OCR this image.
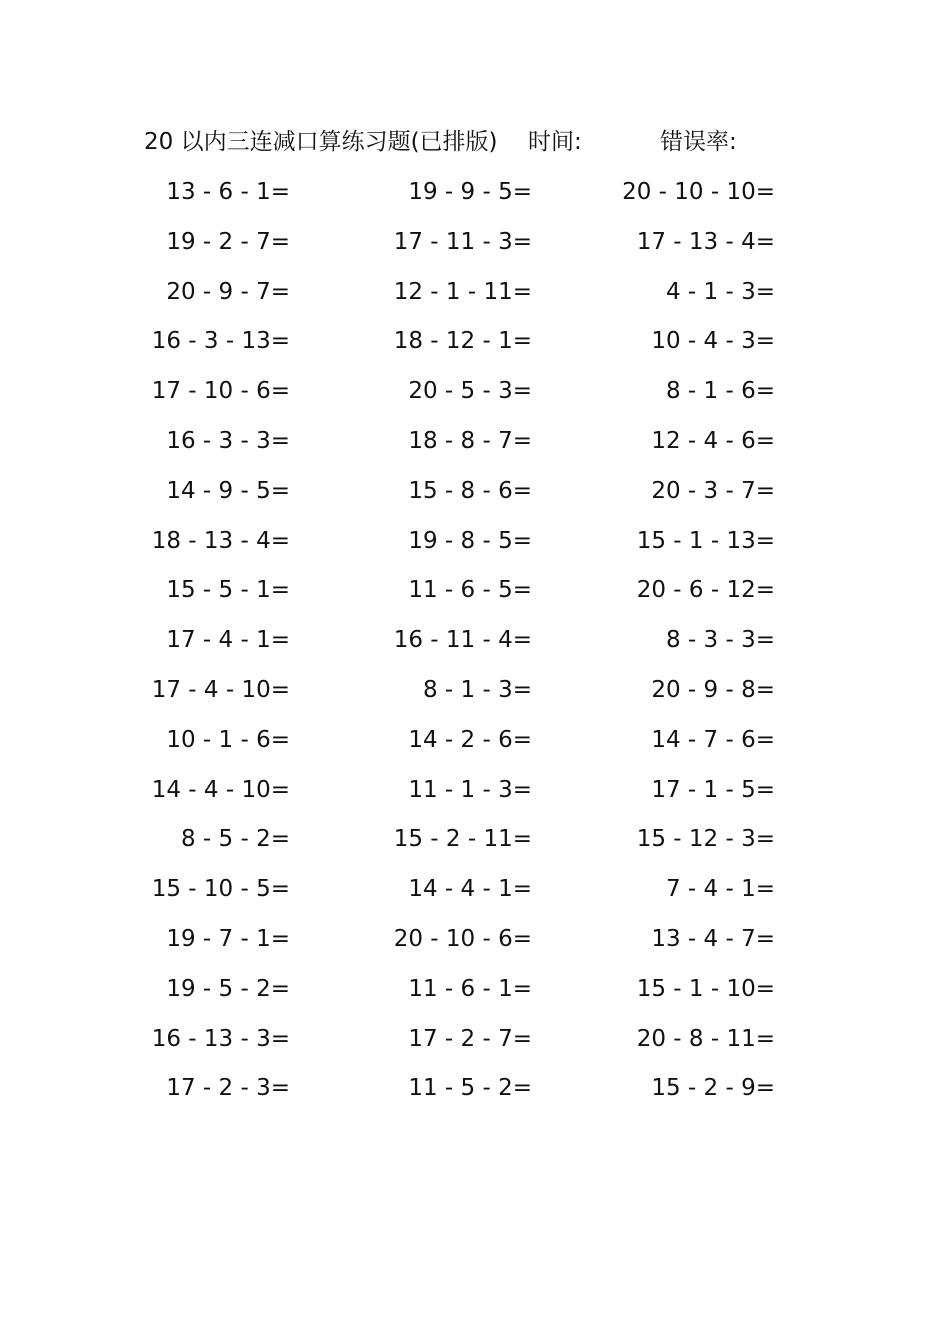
20 以内三连减口算练习题(已排版) 时间:	错误率:
13 - 6 - 1=	19 - 9 - 5=	20 - 10 - 10=
19 - 2 - 7=	17 - 11 - 3=	17 - 13 - 4=
20 - 9 - 7=	12 - 1 - 11=	4 - 1 - 3=
16 - 3 - 13=	18 - 12 - 1=	10 - 4 - 3=
17 - 10 - 6=	20 - 5 - 3=	8 - 1 - 6=
16 - 3 - 3=	18 - 8 - 7=	12 - 4 - 6=
14 - 9 - 5=	15 - 8 - 6=	20 - 3 - 7=
18 - 13 - 4=	19 - 8 - 5=	15 - 1 - 13=
15 - 5 - 1=	11 - 6 - 5=	20 - 6 - 12=
17 - 4 - 1=	16 - 11 - 4=	8 - 3 - 3=
17 - 4 - 10=	8 - 1 - 3=	20 - 9 - 8=
10 - 1 - 6=	14 - 2 - 6=	14 - 7 - 6=
14 - 4 - 10=	11 - 1 - 3=	17 - 1 - 5=
8 - 5 - 2=	15 - 2 - 11=	15 - 12 - 3=
15 - 10 - 5=	14 - 4 - 1=	7 - 4 - 1=
19 - 7 - 1=	20 - 10 - 6=	13 - 4 - 7=
19 - 5 - 2=	11 - 6 - 1=	15 - 1 - 10=
16 - 13 - 3=	17 - 2 - 7=	20 - 8 - 11=
17 - 2 - 3=	11 - 5 - 2=	15 - 2 - 9=
